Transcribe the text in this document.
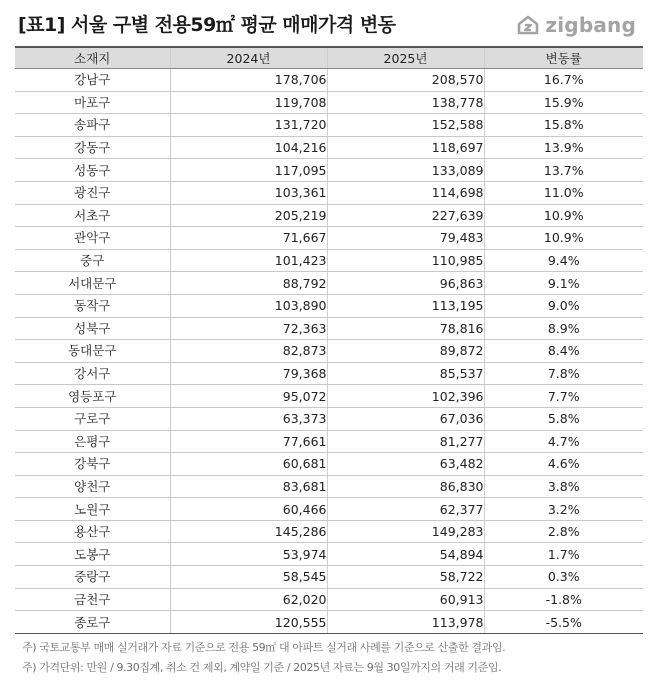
[표1] 서울 구별 전용59㎡ 평균 매매가격 변동	zigbang
소재지	2024년	2025년	변동률
강남구	178,706	208,570	16.7%
마포구	119,708	138,778	15.9%
송파구	131,720	152,588	15.8%
강동구	104,216	118,697	13.9%
성동구	117,095	133,089	13.7%
광진구	103,361	114,698	11.0%
서초구	205,219	227,639	10.9%
관악구	71,667	79,483	10.9%
중구	101,423	110,985	9.4%
서대문구	88,792	96,863	9.1%
동작구	103,890	113,195	9.0%
성북구	72,363	78,816	8.9%
동대문구	82,873	89,872	8.4%
강서구	79,368	85,537	7.8%
영등포구	95,072	102,396	7.7%
구로구	63,373	67,036	5.8%
은평구	77,661	81,277	4.7%
강북구	60,681	63,482	4.6%
양천구	83,681	86,830	3.8%
노원구	60,466	62,377	3.2%
용산구	145,286	149,283	2.8%
도봉구	53,974	54,894	1.7%
중랑구	58,545	58,722	0.3%
금천구	62,020	60,913	-1.8%
종로구	120,555	113,978	-5.5%
주) 국토교통부 매매 실거래가 자료 기준으로 전용 59㎡ 대 아파트 실거래 사례를 기준으로 산출한 결과임.
주) 가격단위: 만원 / 9.30집계, 취소 건 제외, 계약일 기준 / 2025년 자료는 9월 30일까지의 거래 기준임.
